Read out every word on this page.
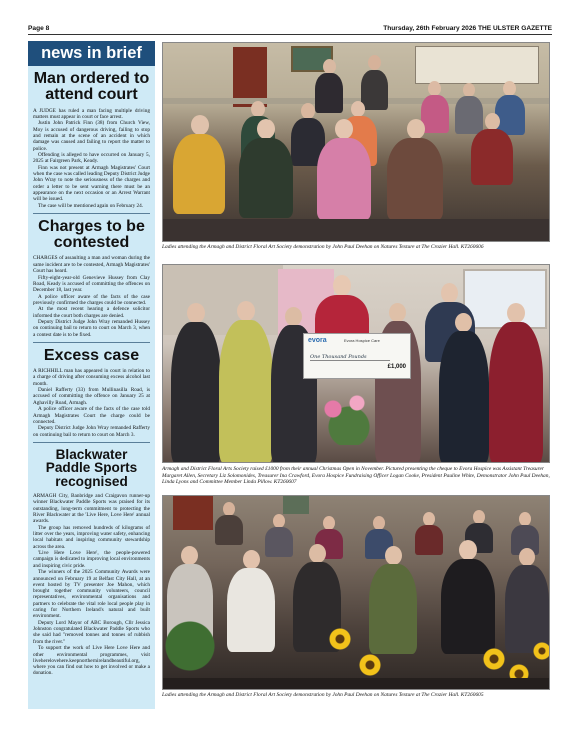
Page 8	Thursday, 26th February 2026 THE ULSTER GAZETTE
news in brief
Man ordered to attend court

A JUDGE has ruled a man facing multiple driving matters must appear in court or face arrest.

Justin John Patrick Finn (38) from Church View, Moy is accused of dangerous driving, failing to stop and remain at the scene of an accident in which damage was caused and failing to report the matter to police.

Offending is alleged to have occurred on January 5, 2025 at Fairgreen Park, Keady.

Finn was not present at Armagh Magistrates' Court when the case was called leading Deputy District Judge John Wray to note the seriousness of the charges and order a letter to be sent warning there must be an appearance on the next occasion or an Arrest Warrant will be issued.

The case will be mentioned again on February 24.

Charges to be contested

CHARGES of assaulting a man and woman during the same incident are to be contested, Armagh Magistrates' Court has heard.

Fifty-eight-year-old Genevieve Hussey from Clay Road, Keady is accused of committing the offences on December 18, last year.

A police officer aware of the facts of the case previously confirmed the charges could be connected.

At the most recent hearing a defence solicitor informed the court both charges are denied.

Deputy District Judge John Wray remanded Hussey on continuing bail to return to court on March 3, when a contest date is to be fixed.

Excess case

A RICHHILL man has appeared in court in relation to a charge of driving after consuming excess alcohol last month.

Daniel Rafferty (33) from Mullinasilla Road, is accused of committing the offence on January 25 at Aghavilly Road, Armagh.

A police officer aware of the facts of the case told Armagh Magistrates Court the charge could be connected.

Deputy District Judge John Wray remanded Rafferty on continuing bail to return to court on March 3.

Blackwater Paddle Sports recognised

ARMAGH City, Banbridge and Craigavon runner-up winner Blackwater Paddle Sports was praised for its outstanding, long-term commitment to protecting the River Blackwater at the 'Live Here, Love Here' annual awards.

The group has removed hundreds of kilograms of litter over the years, improving water safety, enhancing local habitats and inspiring community stewardship across the area.

'Live Here Love Here', the people-powered campaign is dedicated to improving local environments and inspiring civic pride.

The winners of the 2025 Community Awards were announced on February 19 at Belfast City Hall, at an event hosted by TV presenter Joe Mahon, which brought together community volunteers, council representatives, environmental organisations and partners to celebrate the vital role local people play in caring for Northern Ireland's natural and built environment.

Deputy Lord Mayor of ABC Borough, Cllr Jessica Johnston congratulated Blackwater Paddle Sports who she said had "removed tonnes and tonnes of rubbish from the river."

To support the work of Live Here Love Here and other environmental programmes, visit liveherelovehere.keepnorthernirelandbeautiful.org, where you can find out how to get involved or make a donation.

Ladies attending the Armagh and District Floral Art Society demonstration by John Paul Deehan on Natures Texture at The Crozier Hall. KT260606
evora	Evora Hospice Care
One Thousand Pounds
£1,000
Armagh and District Floral Arts Society raised £1000 from their annual Christmas Open in November. Pictured presenting the cheque to Evora Hospice was Assistant Treasurer Margaret Allen, Secretary Liz Solomonides, Treasurer Ina Crawford, Evora Hospice Fundraising Officer Logan Cooke, President Pauline White, Demonstrator John Paul Deehan, Linda Lyons and Committee Member Linda Pillow. KT260607
Ladies attending the Armagh and District Floral Art Society demonstration by John Paul Deehan on Natures Texture at The Crozier Hall. KT260605
